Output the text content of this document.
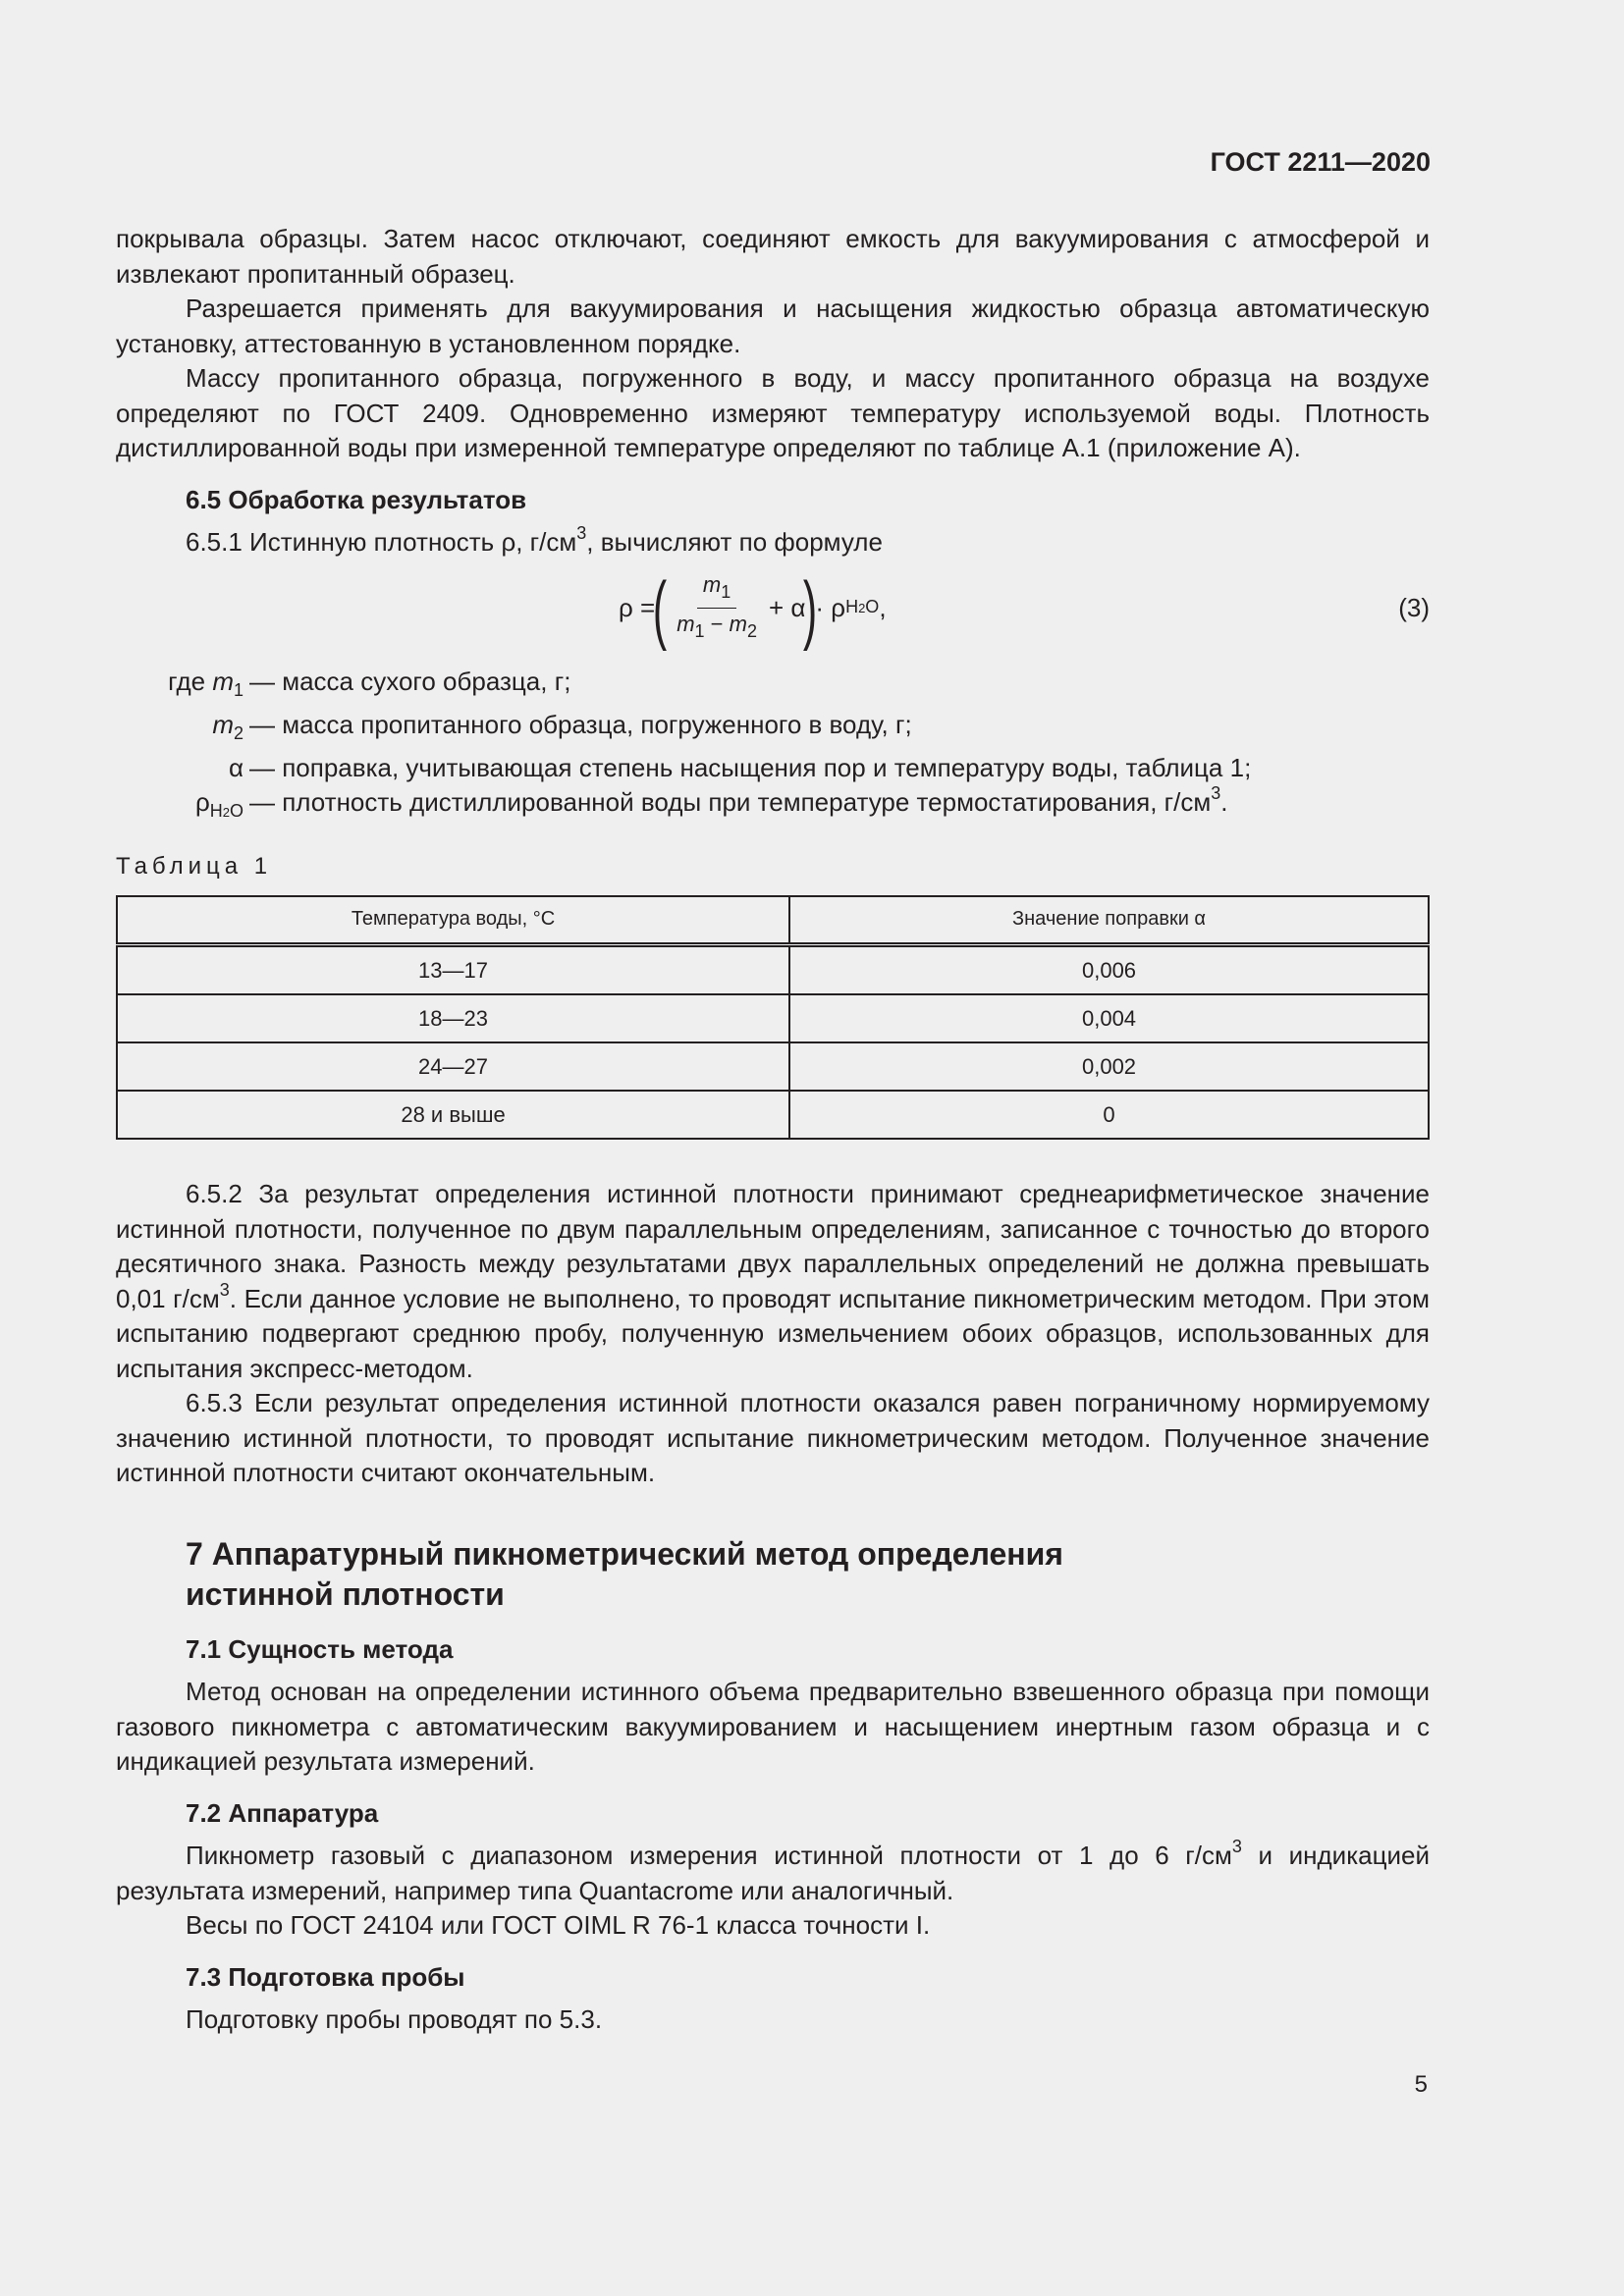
ГОСТ 2211—2020

покрывала образцы. Затем насос отключают, соединяют емкость для вакуумирования с атмосферой и извлекают пропитанный образец.

Разрешается применять для вакуумирования и насыщения жидкостью образца автоматическую установку, аттестованную в установленном порядке.

Массу пропитанного образца, погруженного в воду, и массу пропитанного образца на воздухе определяют по ГОСТ 2409. Одновременно измеряют температуру используемой воды. Плотность дистиллированной воды при измеренной температуре определяют по таблице А.1 (приложение А).

6.5 Обработка результатов

6.5.1 Истинную плотность ρ, $г/см^3$, вычисляют по формуле

ρ =
( $\frac{m_1}{m_1 - m_2} + \alpha$
)
· ρ H2O ,	(3)
где $m_1$ — масса сухого образца, г;
$m_2$ — масса пропитанного образца, погруженного в воду, г;
α — поправка, учитывающая степень насыщения пор и температуру воды, таблица 1;
$\rho_{H2O}$ — плотность дистиллированной воды при температуре термостатирования, $г/см^3$.

Таблица 1

Температура воды, °С	Значение поправки α
13—17	0,006
18—23	0,004
24—27	0,002
28 и выше	0

6.5.2 За результат определения истинной плотности принимают среднеарифметическое значение истинной плотности, полученное по двум параллельным определениям, записанное с точностью до второго десятичного знака. Разность между результатами двух параллельных определений не должна превышать 0,01 $г/см^3$. Если данное условие не выполнено, то проводят испытание пикнометрическим методом. При этом испытанию подвергают среднюю пробу, полученную измельчением обоих образцов, использованных для испытания экспресс-методом.

6.5.3 Если результат определения истинной плотности оказался равен пограничному нормируемому значению истинной плотности, то проводят испытание пикнометрическим методом. Полученное значение истинной плотности считают окончательным.

7 Аппаратурный пикнометрический метод определения
истинной плотности

7.1 Сущность метода

Метод основан на определении истинного объема предварительно взвешенного образца при помощи газового пикнометра с автоматическим вакуумированием и насыщением инертным газом образца и с индикацией результата измерений.

7.2 Аппаратура

Пикнометр газовый с диапазоном измерения истинной плотности от 1 до 6 $г/см^3$ и индикацией результата измерений, например типа Quantacrome или аналогичный.

Весы по ГОСТ 24104 или ГОСТ OIML R 76-1 класса точности I.

7.3 Подготовка пробы

Подготовку пробы проводят по 5.3.

5
